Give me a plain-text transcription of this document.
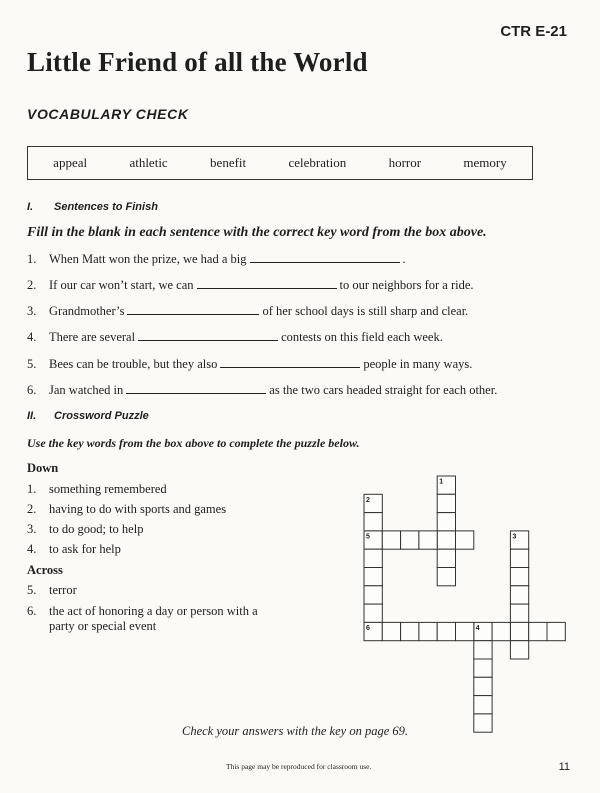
CTR E-21
Little Friend of all the World
VOCABULARY CHECK
appeal	athletic	benefit	celebration	horror	memory
I. Sentences to Finish
Fill in the blank in each sentence with the correct key word from the box above.
1. When Matt won the prize, we had a big	.
2. If our car won’t start, we can	to our neighbors for a ride.
3. Grandmother’s	of her school days is still sharp and clear.
4. There are several	contests on this field each week.
5. Bees can be trouble, but they also	people in many ways.
6. Jan watched in	as the two cars headed straight for each other.
II. Crossword Puzzle
Use the key words from the box above to complete the puzzle below.
Down
1. something remembered
2. having to do with sports and games
3. to do good; to help
4. to ask for help
Across
5. terror
6. the act of honoring a day or person with a party or special event
1
2
5
6
3
4
Check your answers with the key on page 69.
This page may be reproduced for classroom use.	11
